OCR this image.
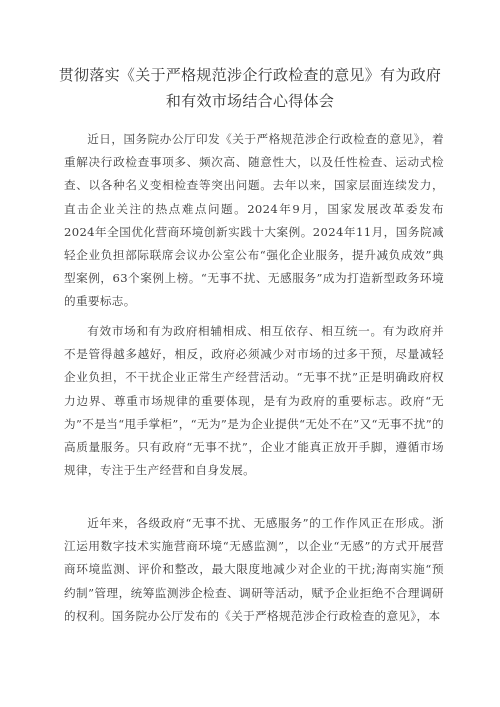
贯彻落实《关于严格规范涉企行政检查的意见》有为政府
和有效市场结合心得体会

近日，国务院办公厅印发《关于严格规范涉企行政检查的意见》，着重解决行政检查事项多、频次高、随意性大，以及任性检查、运动式检查、以各种名义变相检查等突出问题。去年以来，国家层面连续发力，直击企业关注的热点难点问题。2024年9月，国家发展改革委发布2024年全国优化营商环境创新实践十大案例。2024年11月，国务院减轻企业负担部际联席会议办公室公布“强化企业服务，提升减负成效”典型案例，63个案例上榜。“无事不扰、无感服务”成为打造新型政务环境的重要标志。

有效市场和有为政府相辅相成、相互依存、相互统一。有为政府并不是管得越多越好，相反，政府必须减少对市场的过多干预，尽量减轻企业负担，不干扰企业正常生产经营活动。“无事不扰”正是明确政府权力边界、尊重市场规律的重要体现，是有为政府的重要标志。政府“无为”不是当“甩手掌柜”，“无为”是为企业提供“无处不在”又“无事不扰”的高质量服务。只有政府“无事不扰”，企业才能真正放开手脚，遵循市场规律，专注于生产经营和自身发展。

近年来，各级政府“无事不扰、无感服务”的工作作风正在形成。浙江运用数字技术实施营商环境“无感监测”，以企业“无感”的方式开展营商环境监测、评价和整改，最大限度地减少对企业的干扰;海南实施“预约制”管理，统筹监测涉企检查、调研等活动，赋予企业拒绝不合理调研的权利。国务院办公厅发布的《关于严格规范涉企行政检查的意见》，本
